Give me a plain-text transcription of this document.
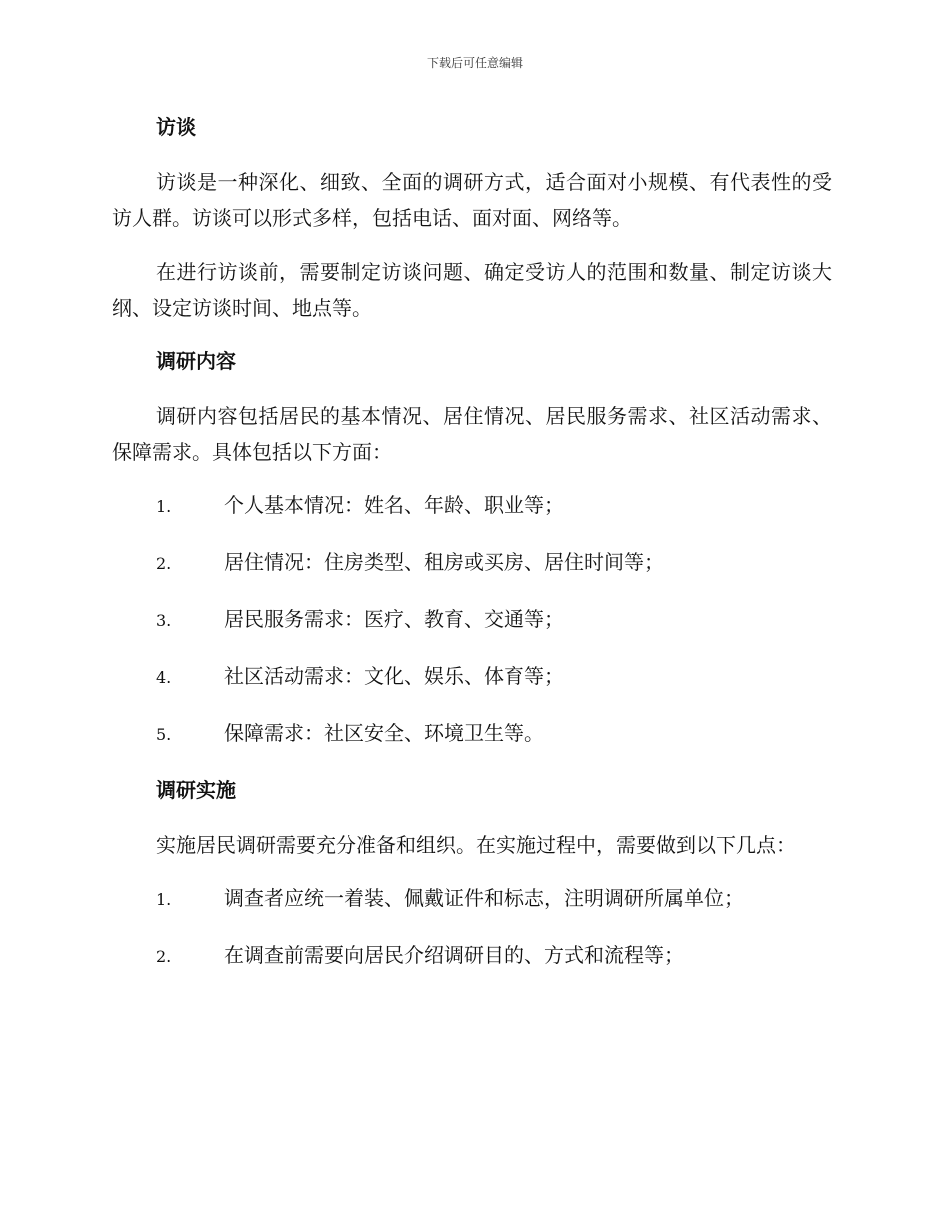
下载后可任意编辑
访谈

访谈是一种深化、细致、全面的调研方式，适合面对小规模、有代表性的受访人群。访谈可以形式多样，包括电话、面对面、网络等。

在进行访谈前，需要制定访谈问题、确定受访人的范围和数量、制定访谈大纲、设定访谈时间、地点等。

调研内容

调研内容包括居民的基本情况、居住情况、居民服务需求、社区活动需求、保障需求。具体包括以下方面：

1.	个人基本情况：姓名、年龄、职业等；
2.	居住情况：住房类型、租房或买房、居住时间等；
3.	居民服务需求：医疗、教育、交通等；
4.	社区活动需求：文化、娱乐、体育等；
5.	保障需求：社区安全、环境卫生等。
调研实施

实施居民调研需要充分准备和组织。在实施过程中，需要做到以下几点：

1.	调查者应统一着装、佩戴证件和标志，注明调研所属单位；
2.	在调查前需要向居民介绍调研目的、方式和流程等；
